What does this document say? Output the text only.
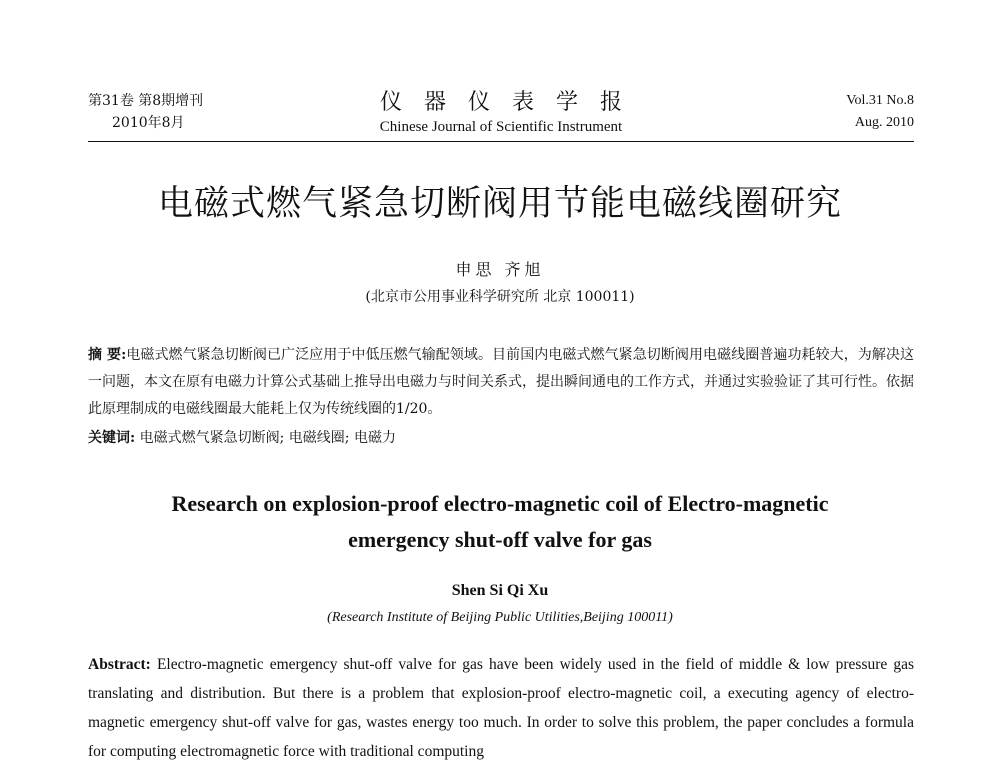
第31卷 第8期增刊
2010年8月
仪器仪表学报
Chinese Journal of Scientific Instrument
Vol.31 No.8
Aug. 2010
电磁式燃气紧急切断阀用节能电磁线圈研究
申思 齐旭
(北京市公用事业科学研究所 北京 100011)
摘 要:电磁式燃气紧急切断阀已广泛应用于中低压燃气输配领域。目前国内电磁式燃气紧急切断阀用电磁线圈普遍功耗较大，为解决这一问题，本文在原有电磁力计算公式基础上推导出电磁力与时间关系式，提出瞬间通电的工作方式，并通过实验验证了其可行性。依据此原理制成的电磁线圈最大能耗上仅为传统线圈的1/20。
关键词: 电磁式燃气紧急切断阀; 电磁线圈; 电磁力
Research on explosion-proof electro-magnetic coil of Electro-magnetic emergency shut-off valve for gas
Shen Si Qi Xu
(Research Institute of Beijing Public Utilities,Beijing 100011)
Abstract: Electro-magnetic emergency shut-off valve for gas have been widely used in the field of middle & low pressure gas translating and distribution. But there is a problem that explosion-proof electro-magnetic coil, a executing agency of electro-magnetic emergency shut-off valve for gas, wastes energy too much. In order to solve this problem, the paper concludes a formula for computing electromagnetic force with traditional computing
